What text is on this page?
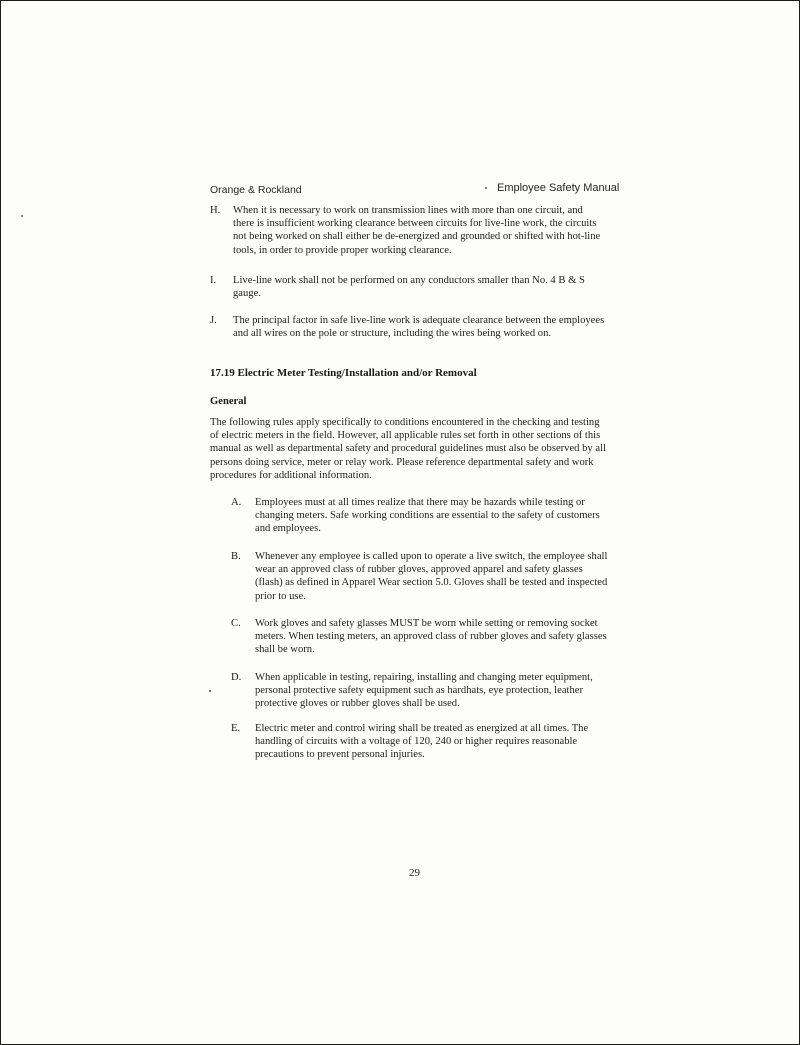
Orange & Rockland	Employee Safety Manual
H. When it is necessary to work on transmission lines with more than one circuit, and there is insufficient working clearance between circuits for live-line work, the circuits not being worked on shall either be de-energized and grounded or shifted with hot-line tools, in order to provide proper working clearance.
I. Live-line work shall not be performed on any conductors smaller than No. 4 B & S gauge.
J. The principal factor in safe live-line work is adequate clearance between the employees and all wires on the pole or structure, including the wires being worked on.
17.19 Electric Meter Testing/Installation and/or Removal
General
The following rules apply specifically to conditions encountered in the checking and testing of electric meters in the field. However, all applicable rules set forth in other sections of this manual as well as departmental safety and procedural guidelines must also be observed by all persons doing service, meter or relay work. Please reference departmental safety and work procedures for additional information.
A. Employees must at all times realize that there may be hazards while testing or changing meters. Safe working conditions are essential to the safety of customers and employees.
B. Whenever any employee is called upon to operate a live switch, the employee shall wear an approved class of rubber gloves, approved apparel and safety glasses (flash) as defined in Apparel Wear section 5.0. Gloves shall be tested and inspected prior to use.
C. Work gloves and safety glasses MUST be worn while setting or removing socket meters. When testing meters, an approved class of rubber gloves and safety glasses shall be worn.
D. When applicable in testing, repairing, installing and changing meter equipment, personal protective safety equipment such as hardhats, eye protection, leather protective gloves or rubber gloves shall be used.
E. Electric meter and control wiring shall be treated as energized at all times. The handling of circuits with a voltage of 120, 240 or higher requires reasonable precautions to prevent personal injuries.
29
